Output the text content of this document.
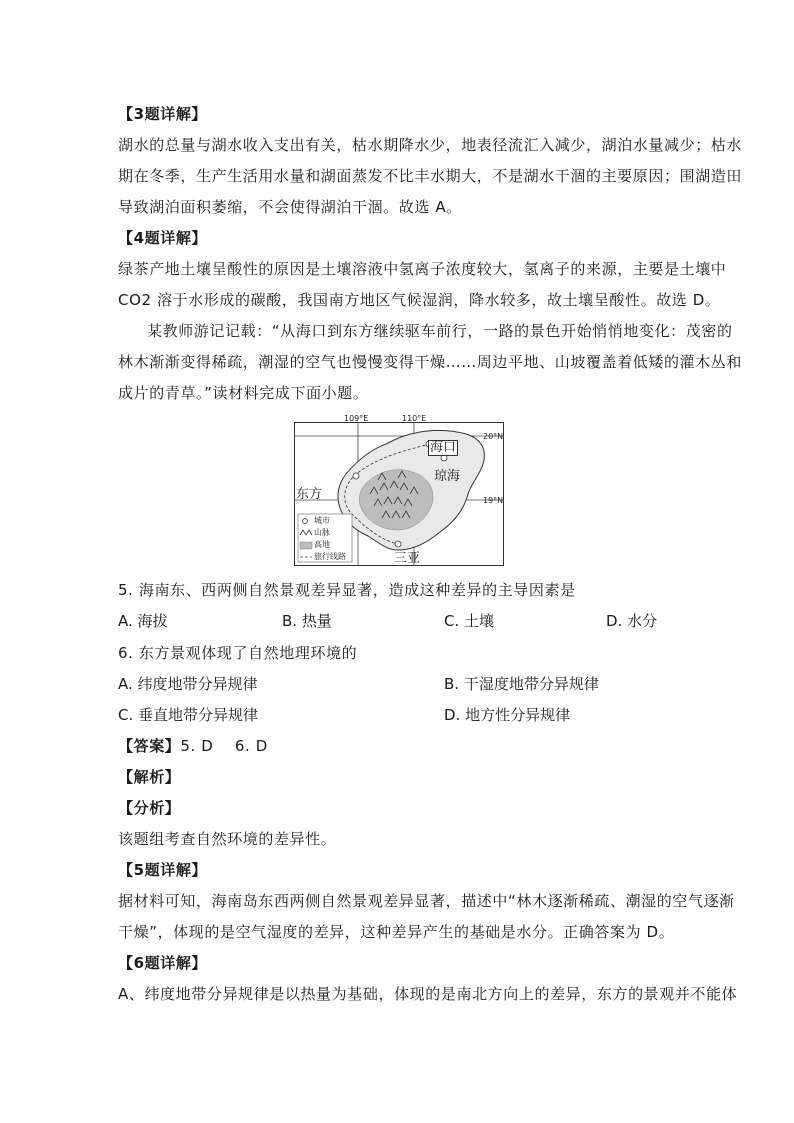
【3题详解】
湖水的总量与湖水收入支出有关，枯水期降水少，地表径流汇入减少，湖泊水量减少；枯水
期在冬季，生产生活用水量和湖面蒸发不比丰水期大，不是湖水干涸的主要原因；围湖造田
导致湖泊面积萎缩，不会使得湖泊干涸。故选 A。
【4题详解】
绿茶产地土壤呈酸性的原因是土壤溶液中氢离子浓度较大，氢离子的来源，主要是土壤中
CO2 溶于水形成的碳酸，我国南方地区气候湿润，降水较多，故土壤呈酸性。故选 D。
某教师游记记载：“从海口到东方继续驱车前行，一路的景色开始悄悄地变化：茂密的
林木渐渐变得稀疏，潮湿的空气也慢慢变得干燥……周边平地、山坡覆盖着低矮的灌木丛和
成片的青草。”读材料完成下面小题。
109°E	110°E
20°N
19°N
海口
琼海
东方
三亚
城市
山脉
高地
旅行线路
5. 海南东、西两侧自然景观差异显著，造成这种差异的主导因素是
A. 海拔	B. 热量	C. 土壤	D. 水分
6. 东方景观体现了自然地理环境的
A. 纬度地带分异规律	B. 干湿度地带分异规律
C. 垂直地带分异规律	D. 地方性分异规律
【答案】5. D    6. D
【解析】
【分析】
该题组考查自然环境的差异性。
【5题详解】
据材料可知，海南岛东西两侧自然景观差异显著，描述中“林木逐渐稀疏、潮湿的空气逐渐
干燥”，体现的是空气湿度的差异，这种差异产生的基础是水分。正确答案为 D。
【6题详解】
A、纬度地带分异规律是以热量为基础，体现的是南北方向上的差异，东方的景观并不能体
